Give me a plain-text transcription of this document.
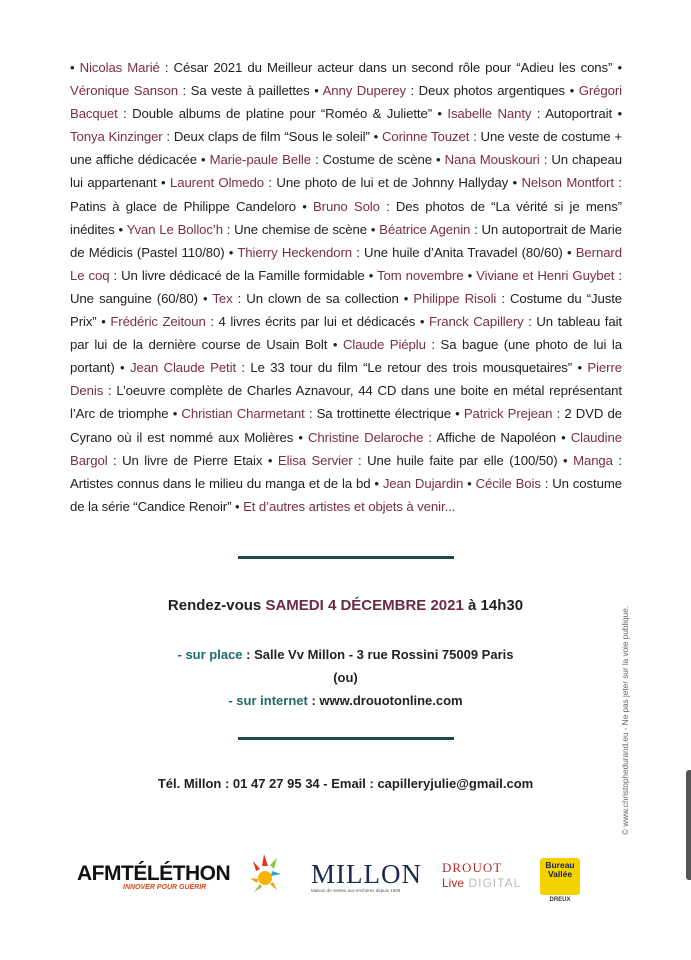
• Nicolas Marié : César 2021 du Meilleur acteur dans un second rôle pour “Adieu les cons” • Véronique Sanson : Sa veste à paillettes • Anny Duperey : Deux photos argentiques • Grégori Bacquet : Double albums de platine pour “Roméo & Juliette” • Isabelle Nanty : Autoportrait • Tonya Kinzinger : Deux claps de film “Sous le soleil” • Corinne Touzet : Une veste de costume + une affiche dédicacée • Marie-paule Belle : Costume de scène • Nana Mouskouri : Un chapeau lui appartenant • Laurent Olmedo : Une photo de lui et de Johnny Hallyday • Nelson Montfort : Patins à glace de Philippe Candeloro • Bruno Solo : Des photos de “La vérité si je mens” inédites • Yvan Le Bolloc’h : Une chemise de scène • Béatrice Agenin : Un autoportrait de Marie de Médicis (Pastel 110/80) • Thierry Heckendorn : Une huile d’Anita Travadel (80/60) • Bernard Le coq : Un livre dédicacé de la Famille formidable • Tom novembre • Viviane et Henri Guybet : Une sanguine (60/80) • Tex : Un clown de sa collection • Philippe Risoli : Costume du “Juste Prix” • Frédéric Zeitoun : 4 livres écrits par lui et dédicacés • Franck Capillery : Un tableau fait par lui de la dernière course de Usain Bolt • Claude Piéplu : Sa bague (une photo de lui la portant) • Jean Claude Petit : Le 33 tour du film “Le retour des trois mousquetaires” • Pierre Denis : L’oeuvre complète de Charles Aznavour, 44 CD dans une boite en métal représentant l’Arc de triomphe • Christian Charmetant : Sa trottinette électrique • Patrick Prejean : 2 DVD de Cyrano où il est nommé aux Molières • Christine Delaroche : Affiche de Napoléon • Claudine Bargol : Un livre de Pierre Etaix • Elisa Servier : Une huile faite par elle (100/50) • Manga : Artistes connus dans le milieu du manga et de la bd • Jean Dujardin • Cécile Bois : Un costume de la série “Candice Renoir” • Et d’autres artistes et objets à venir...
Rendez-vous SAMEDI 4 DÉCEMBRE 2021 à 14h30
- sur place : Salle Vv Millon - 3 rue Rossini 75009 Paris
(ou)
- sur internet : www.drouotonline.com
Tél. Millon : 01 47 27 95 34 - Email : capilleryjulie@gmail.com	© www.christophedurand.eu - Ne pas jeter sur la voie publique.
AFMTÉLÉTHON
INNOVER POUR GUÉRIR	MILLON
Maison de ventes aux enchères depuis 1928
DROUOT
Live DIGITAL
Bureau Vallée
DREUX
